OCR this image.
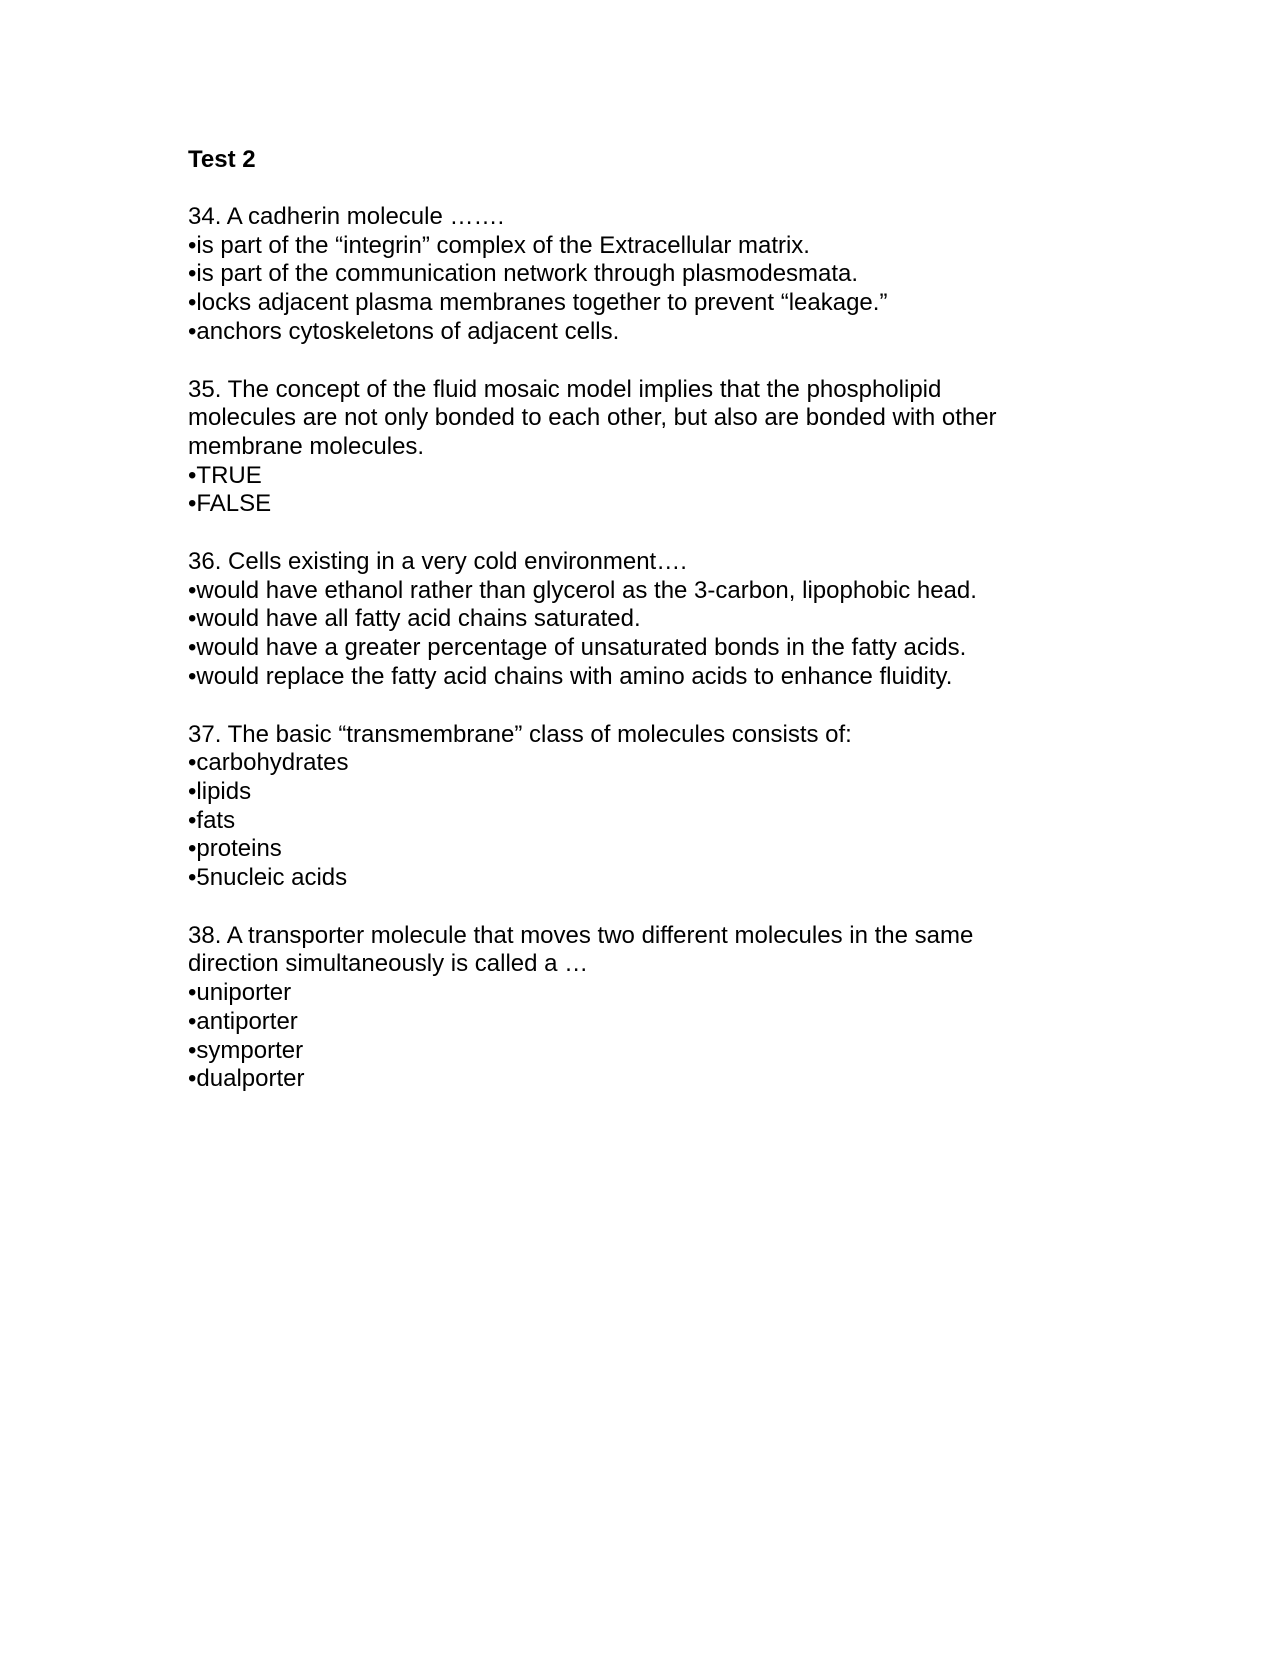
Test 2
34. A cadherin molecule …….
•is part of the “integrin” complex of the Extracellular matrix.
•is part of the communication network through plasmodesmata.
•locks adjacent plasma membranes together to prevent “leakage.”
•anchors cytoskeletons of adjacent cells.
35. The concept of the fluid mosaic model implies that the phospholipid
molecules are not only bonded to each other, but also are bonded with other
membrane molecules.
•TRUE
•FALSE
36. Cells existing in a very cold environment….
•would have ethanol rather than glycerol as the 3-carbon, lipophobic head.
•would have all fatty acid chains saturated.
•would have a greater percentage of unsaturated bonds in the fatty acids.
•would replace the fatty acid chains with amino acids to enhance fluidity.
37. The basic “transmembrane” class of molecules consists of:
•carbohydrates
•lipids
•fats
•proteins
•5nucleic acids
38. A transporter molecule that moves two different molecules in the same
direction simultaneously is called a …
•uniporter
•antiporter
•symporter
•dualporter
